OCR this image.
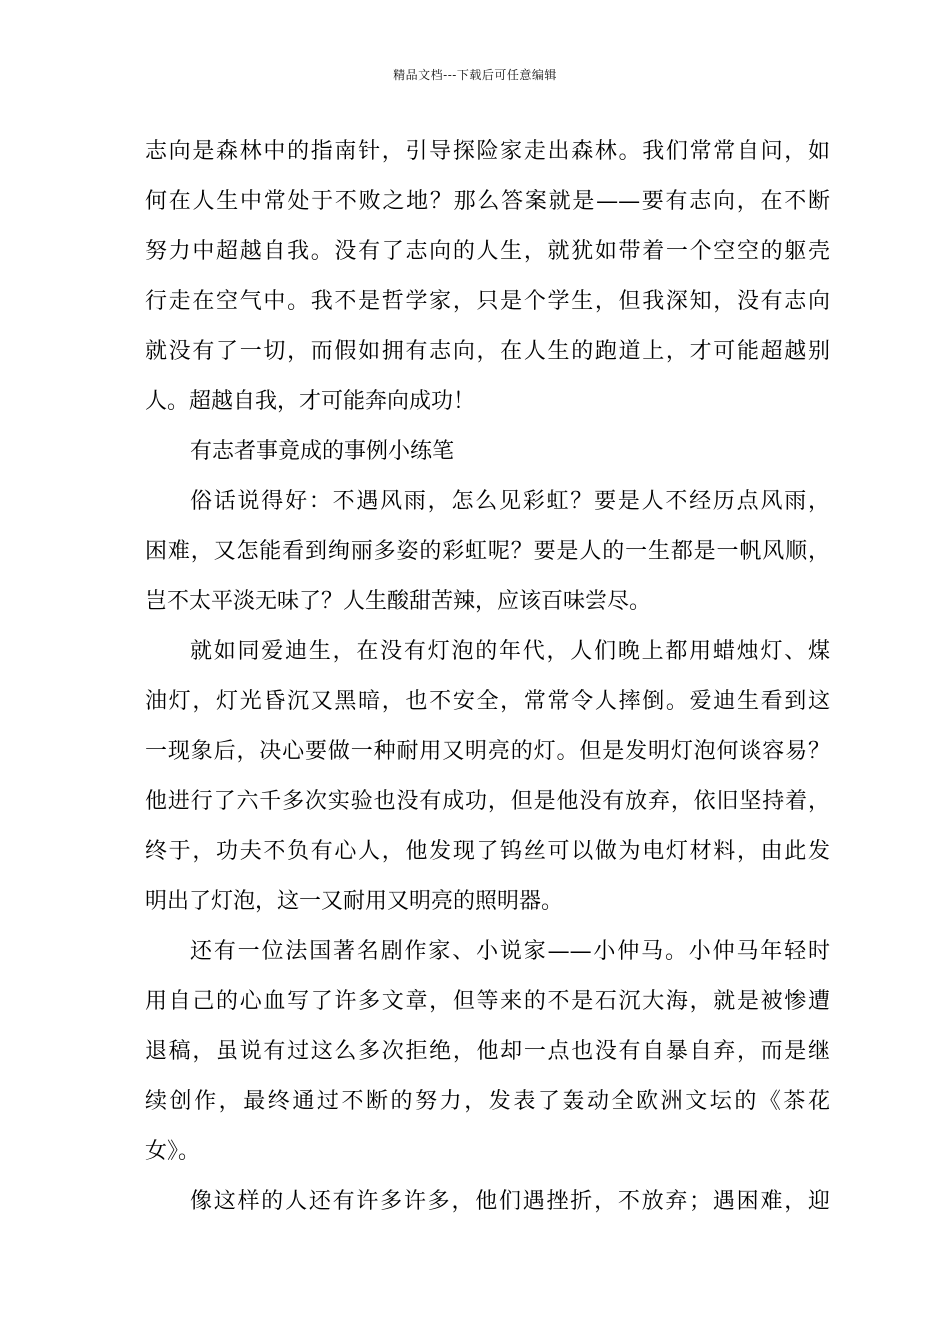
精品文档---下载后可任意编辑
志向是森林中的指南针，引导探险家走出森林。我们常常自问，如
何在人生中常处于不败之地？那么答案就是——要有志向，在不断
努力中超越自我。没有了志向的人生，就犹如带着一个空空的躯壳
行走在空气中。我不是哲学家，只是个学生，但我深知，没有志向
就没有了一切，而假如拥有志向，在人生的跑道上，才可能超越别
人。超越自我，才可能奔向成功！
有志者事竟成的事例小练笔
俗话说得好：不遇风雨，怎么见彩虹？要是人不经历点风雨，
困难，又怎能看到绚丽多姿的彩虹呢？要是人的一生都是一帆风顺，
岂不太平淡无味了？人生酸甜苦辣，应该百味尝尽。
就如同爱迪生，在没有灯泡的年代，人们晚上都用蜡烛灯、煤
油灯，灯光昏沉又黑暗，也不安全，常常令人摔倒。爱迪生看到这
一现象后，决心要做一种耐用又明亮的灯。但是发明灯泡何谈容易？
他进行了六千多次实验也没有成功，但是他没有放弃，依旧坚持着，
终于，功夫不负有心人，他发现了钨丝可以做为电灯材料，由此发
明出了灯泡，这一又耐用又明亮的照明器。
还有一位法国著名剧作家、小说家——小仲马。小仲马年轻时
用自己的心血写了许多文章，但等来的不是石沉大海，就是被惨遭
退稿，虽说有过这么多次拒绝，他却一点也没有自暴自弃，而是继
续创作，最终通过不断的努力，发表了轰动全欧洲文坛的《茶花
女》。
像这样的人还有许多许多，他们遇挫折，不放弃；遇困难，迎
